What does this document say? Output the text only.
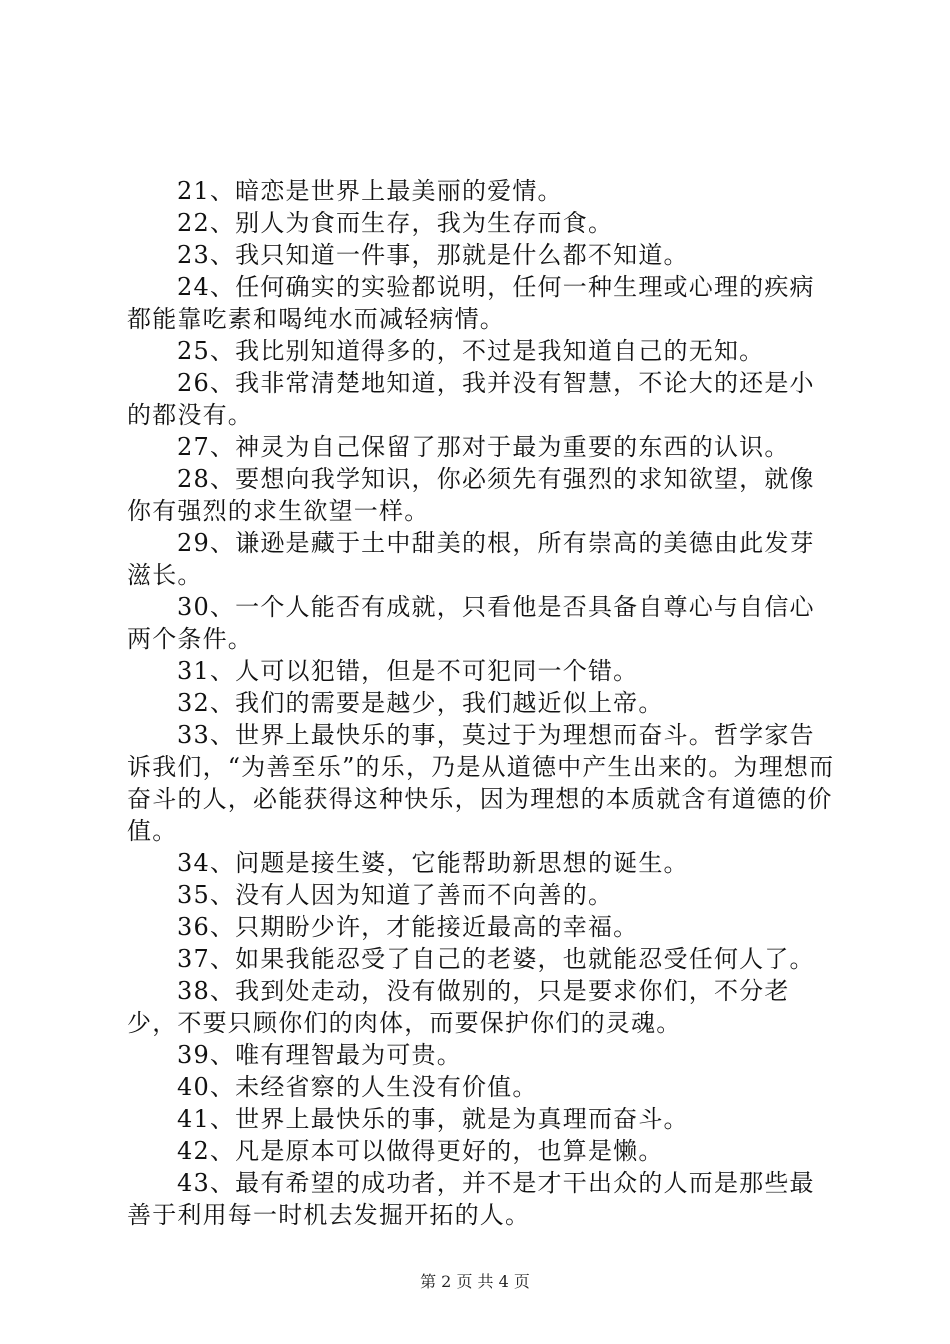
21、暗恋是世界上最美丽的爱情。

22、别人为食而生存，我为生存而食。

23、我只知道一件事，那就是什么都不知道。

24、任何确实的实验都说明，任何一种生理或心理的疾病都能靠吃素和喝纯水而减轻病情。

25、我比别知道得多的，不过是我知道自己的无知。

26、我非常清楚地知道，我并没有智慧，不论大的还是小的都没有。

27、神灵为自己保留了那对于最为重要的东西的认识。

28、要想向我学知识，你必须先有强烈的求知欲望，就像你有强烈的求生欲望一样。

29、谦逊是藏于土中甜美的根，所有崇高的美德由此发芽滋长。

30、一个人能否有成就，只看他是否具备自尊心与自信心两个条件。

31、人可以犯错，但是不可犯同一个错。

32、我们的需要是越少，我们越近似上帝。

33、世界上最快乐的事，莫过于为理想而奋斗。哲学家告诉我们，“为善至乐”的乐，乃是从道德中产生出来的。为理想而奋斗的人，必能获得这种快乐，因为理想的本质就含有道德的价值。

34、问题是接生婆，它能帮助新思想的诞生。

35、没有人因为知道了善而不向善的。

36、只期盼少许，才能接近最高的幸福。

37、如果我能忍受了自己的老婆，也就能忍受任何人了。

38、我到处走动，没有做别的，只是要求你们，不分老少，不要只顾你们的肉体，而要保护你们的灵魂。

39、唯有理智最为可贵。

40、未经省察的人生没有价值。

41、世界上最快乐的事，就是为真理而奋斗。

42、凡是原本可以做得更好的，也算是懒。

43、最有希望的成功者，并不是才干出众的人而是那些最善于利用每一时机去发掘开拓的人。

第 2 页 共 4 页
